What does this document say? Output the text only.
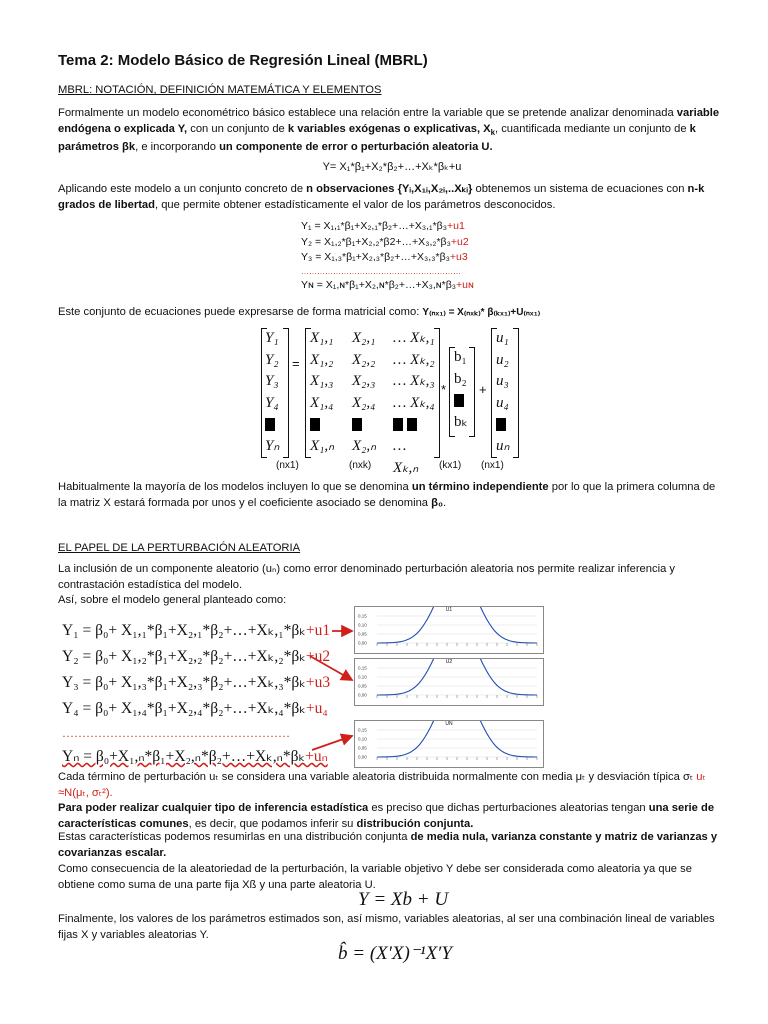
Tema 2: Modelo Básico de Regresión Lineal (MBRL)
MBRL: NOTACIÓN, DEFINICIÓN MATEMÁTICA Y ELEMENTOS
Formalmente un modelo econométrico básico establece una relación entre la variable que se pretende analizar denominada variable endógena o explicada Y, con un conjunto de k variables exógenas o explicativas, $X_k$, cuantificada mediante un conjunto de k parámetros βk, e incorporando un componente de error o perturbación aleatoria U.
Y= X₁*β₁+X₂*β₂+…+Xₖ*βₖ+u
Aplicando este modelo a un conjunto concreto de n observaciones {Yᵢ,X₁ᵢ,X₂ᵢ,..Xₖᵢ} obtenemos un sistema de ecuaciones con n-k grados de libertad, que permite obtener estadísticamente el valor de los parámetros desconocidos.
Y₁ = X₁,₁*β₁+X₂,₁*β₂+…+X₃,₁*β₃+u1
Y₂ = X₁,₂*β₁+X₂,₂*β2+…+X₃,₂*β₃+u2
Y₃ = X₁,₃*β₁+X₂,₃*β₂+…+X₃,₃*β₃+u3
……………………………………………………
Yɴ = X₁,ɴ*β₁+X₂,ɴ*β₂+…+X₃,ɴ*β₃+uɴ
Este conjunto de ecuaciones puede expresarse de forma matricial como: Y₍ₙₓ₁₎ = X₍ₙₓₖ₎* β₍ₖₓ₁₎+U₍ₙₓ₁₎
Y₁
Y₂
Y₃
Y₄
Yₙ
=
X₁,₁
X₁,₂
X₁,₃
X₁,₄
X₁,ₙ
X₂,₁
X₂,₂
X₂,₃
X₂,₄
X₂,ₙ
… Xₖ,₁
… Xₖ,₂
… Xₖ,₃
… Xₖ,₄

… Xₖ,ₙ
*
b₁
b₂
bₖ
+
u₁
u₂
u₃
u₄
uₙ
(nx1)	(nxk)	(kx1) (nx1)
Habitualmente la mayoría de los modelos incluyen lo que se denomina un término independiente por lo que la primera columna de la matriz X estará formada por unos y el coeficiente asociado se denomina β₀.
EL PAPEL DE LA PERTURBACIÓN ALEATORIA
La inclusión de un componente aleatorio (uₙ) como error denominado perturbación aleatoria nos permite realizar inferencia y contrastación estadística del modelo.
Así, sobre el modelo general planteado como:
Y₁ = β₀+ X₁,₁*β₁+X₂,₁*β₂+…+Xₖ,₁*βₖ+u1
Y₂ = β₀+ X₁,₂*β₁+X₂,₂*β₂+…+Xₖ,₂*βₖ+u2
Y₃ = β₀+ X₁,₃*β₁+X₂,₃*β₂+…+Xₖ,₃*βₖ+u3
Y₄ = β₀+ X₁,₄*β₁+X₂,₄*β₂+…+Xₖ,₄*βₖ+u₄
…………………………………………………
Yₙ = β₀+X₁,ₙ*β₁+X₂,ₙ*β₂+…+Xₖ,ₙ*βₖ+uₙ
U1
0,15
0,10
0,05
0,00
U2
0,15
0,10
0,05
0,00
UN
0,15
0,10
0,05
0,00
Cada término de perturbación uₜ se considera una variable aleatoria distribuida normalmente con media μₜ y desviación típica σₜ uₜ ≈N(μₜ, σₜ²).
Para poder realizar cualquier tipo de inferencia estadística es preciso que dichas perturbaciones aleatorias tengan una serie de características comunes, es decir, que podamos inferir su distribución conjunta.
Estas características podemos resumirlas en una distribución conjunta de media nula, varianza constante y matriz de varianzas y covarianzas escalar.
Como consecuencia de la aleatoriedad de la perturbación, la variable objetivo Y debe ser considerada como aleatoria ya que se obtiene como suma de una parte fija Xß y una parte aleatoria U.
Y = Xb + U
Finalmente, los valores de los parámetros estimados son, así mismo, variables aleatorias, al ser una combinación lineal de variables fijas X y variables aleatorias Y.
b̂ = (X′X)⁻¹X′Y
